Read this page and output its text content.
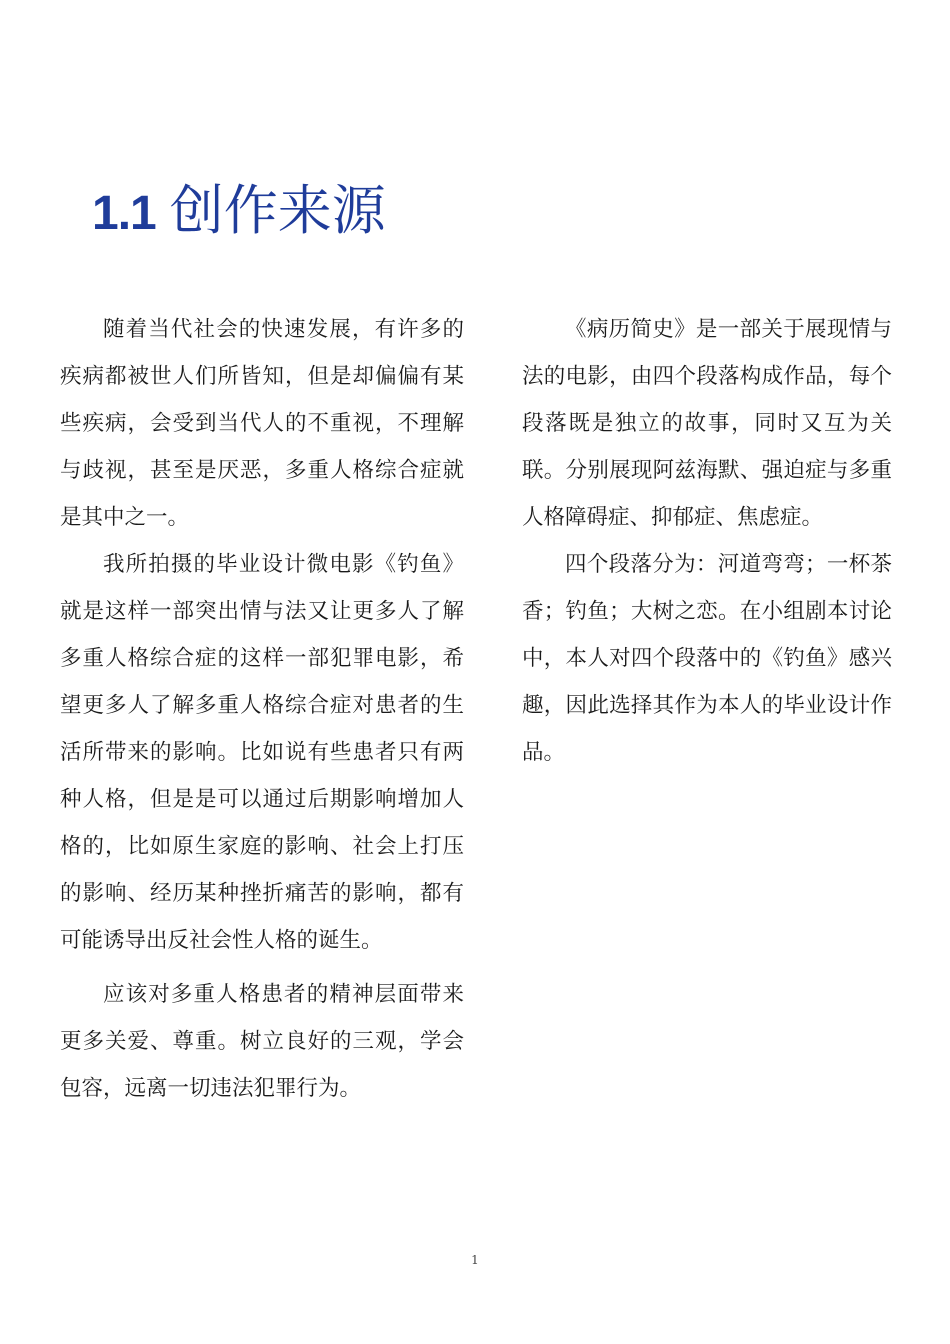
1.1 创作来源

随着当代社会的快速发展，有许多的疾病都被世人们所皆知，但是却偏偏有某些疾病，会受到当代人的不重视，不理解与歧视，甚至是厌恶，多重人格综合症就是其中之一。

我所拍摄的毕业设计微电影《钓鱼》就是这样一部突出情与法又让更多人了解多重人格综合症的这样一部犯罪电影，希望更多人了解多重人格综合症对患者的生活所带来的影响。比如说有些患者只有两种人格，但是是可以通过后期影响增加人格的，比如原生家庭的影响、社会上打压的影响、经历某种挫折痛苦的影响，都有可能诱导出反社会性人格的诞生。

应该对多重人格患者的精神层面带来更多关爱、尊重。树立良好的三观，学会包容，远离一切违法犯罪行为。

《病历简史》是一部关于展现情与法的电影，由四个段落构成作品，每个段落既是独立的故事，同时又互为关联。分别展现阿兹海默、强迫症与多重人格障碍症、抑郁症、焦虑症。

四个段落分为：河道弯弯；一杯茶香；钓鱼；大树之恋。在小组剧本讨论中，本人对四个段落中的《钓鱼》感兴趣，因此选择其作为本人的毕业设计作品。

1
